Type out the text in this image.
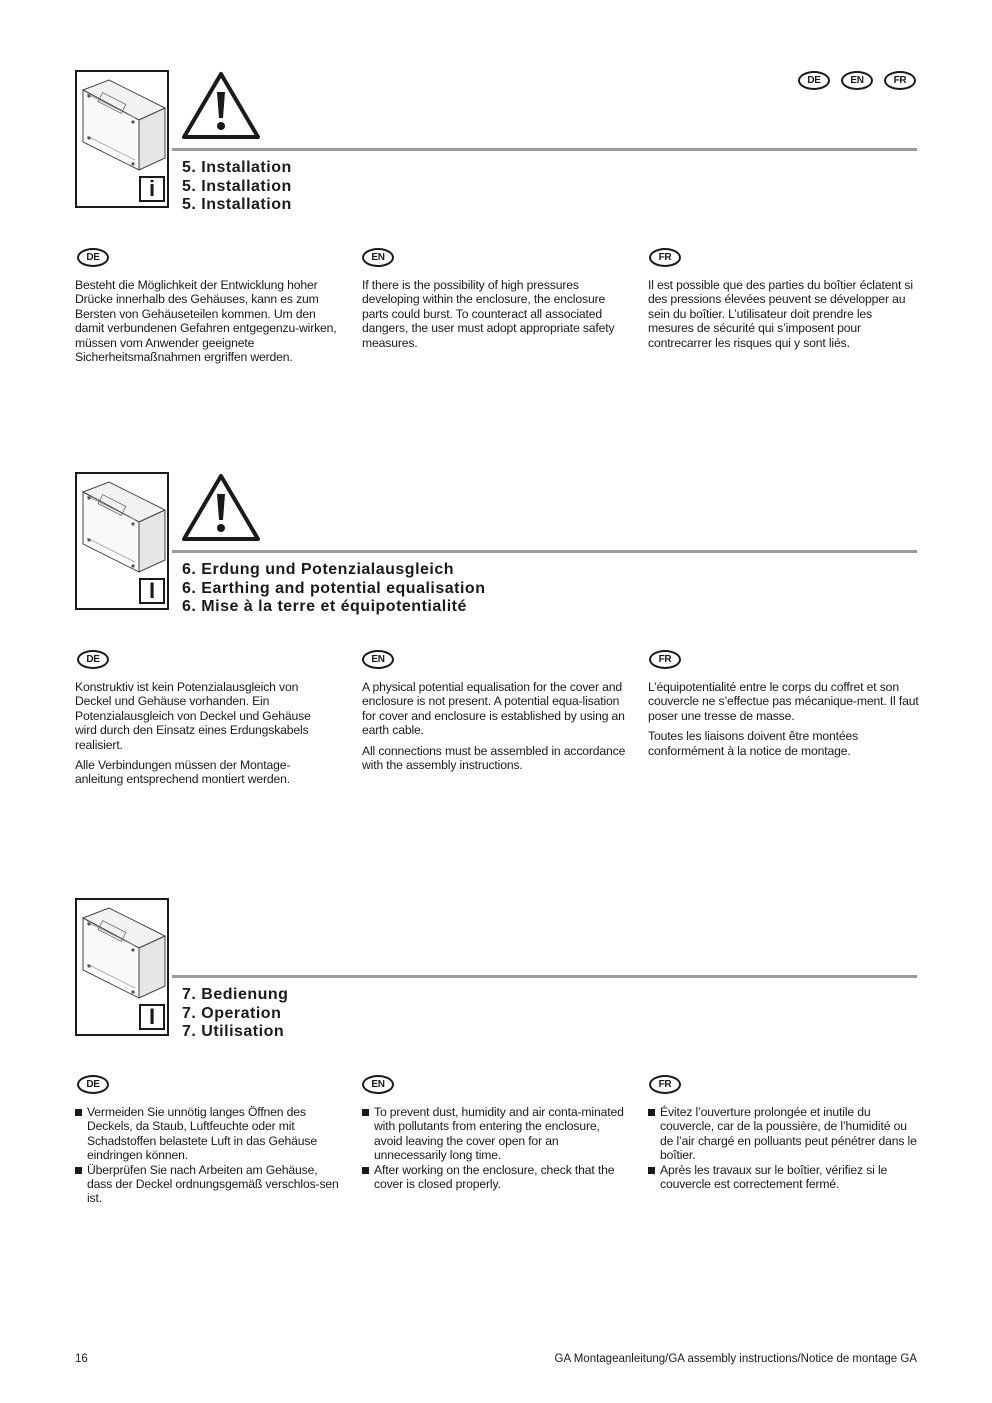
DE	EN	FR
i
5. Installation
5. Installation
5. Installation
DE	EN	FR

Besteht die Möglichkeit der Entwicklung hoher Drücke innerhalb des Gehäuses, kann es zum Bersten von Gehäuseteilen kommen. Um den damit verbundenen Gefahren entgegenzu-wirken, müssen vom Anwender geeignete Sicherheitsmaßnahmen ergriffen werden.

If there is the possibility of high pressures developing within the enclosure, the enclosure parts could burst. To counteract all associated dangers, the user must adopt appropriate safety measures.

Il est possible que des parties du boîtier éclatent si des pressions élevées peuvent se développer au sein du boîtier. L’utilisateur doit prendre les mesures de sécurité qui s’imposent pour contrecarrer les risques qui y sont liés.

I
6. Erdung und Potenzialausgleich
6. Earthing and potential equalisation
6. Mise à la terre et équipotentialité
DE	EN	FR

Konstruktiv ist kein Potenzialausgleich von Deckel und Gehäuse vorhanden. Ein Potenzialausgleich von Deckel und Gehäuse wird durch den Einsatz eines Erdungskabels realisiert.

Alle Verbindungen müssen der Montage-anleitung entsprechend montiert werden.

A physical potential equalisation for the cover and enclosure is not present. A potential equa-lisation for cover and enclosure is established by using an earth cable.

All connections must be assembled in accordance with the assembly instructions.

L’équipotentialité entre le corps du coffret et son couvercle ne s’effectue pas mécanique-ment. Il faut poser une tresse de masse.

Toutes les liaisons doivent être montées conformément à la notice de montage.

I
7. Bedienung
7. Operation
7. Utilisation
DE	EN	FR
Vermeiden Sie unnötig langes Öffnen des Deckels, da Staub, Luftfeuchte oder mit Schadstoffen belastete Luft in das Gehäuse eindringen können.
Überprüfen Sie nach Arbeiten am Gehäuse, dass der Deckel ordnungsgemäß verschlos-sen ist.
To prevent dust, humidity and air conta-minated with pollutants from entering the enclosure, avoid leaving the cover open for an unnecessarily long time.
After working on the enclosure, check that the cover is closed properly.
Évitez l’ouverture prolongée et inutile du couvercle, car de la poussière, de l’humidité ou de l’air chargé en polluants peut pénétrer dans le boîtier.
Après les travaux sur le boîtier, vérifiez si le couvercle est correctement fermé.
16	GA Montageanleitung/GA assembly instructions/Notice de montage GA
